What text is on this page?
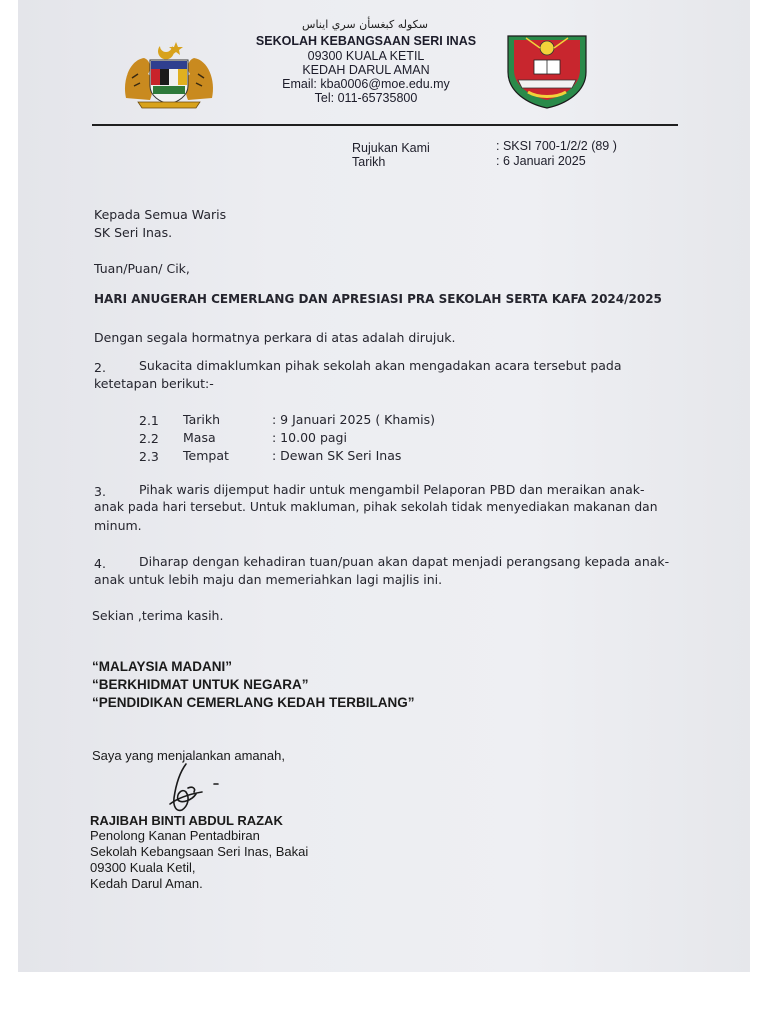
سكوله كبغسأن سري ايناس
SEKOLAH KEBANGSAAN SERI INAS
09300 KUALA KETIL
KEDAH DARUL AMAN
Email: kba0006@moe.edu.my
Tel: 011-65735800
Rujukan Kami	: SKSI 700-1/2/2 (89 )
Tarikh	: 6 Januari 2025
Kepada Semua Waris
SK Seri Inas.
Tuan/Puan/ Cik,
HARI ANUGERAH CEMERLANG DAN APRESIASI PRA SEKOLAH SERTA KAFA 2024/2025
Dengan segala hormatnya perkara di atas adalah dirujuk.
2.	Sukacita dimaklumkan pihak sekolah akan mengadakan acara tersebut pada
ketetapan berikut:-
2.1 Tarikh	: 9 Januari 2025 ( Khamis)
2.2 Masa	: 10.00 pagi
2.3 Tempat	: Dewan SK Seri Inas
3.	Pihak waris dijemput hadir untuk mengambil Pelaporan PBD dan meraikan anak-
anak pada hari tersebut. Untuk makluman, pihak sekolah tidak menyediakan makanan dan
minum.
4.	Diharap dengan kehadiran tuan/puan akan dapat menjadi perangsang kepada anak-
anak untuk lebih maju dan memeriahkan lagi majlis ini.
Sekian ,terima kasih.
“MALAYSIA MADANI”
“BERKHIDMAT UNTUK NEGARA”
“PENDIDIKAN CEMERLANG KEDAH TERBILANG”
Saya yang menjalankan amanah,
RAJIBAH BINTI ABDUL RAZAK
Penolong Kanan Pentadbiran
Sekolah Kebangsaan Seri Inas, Bakai
09300 Kuala Ketil,
Kedah Darul Aman.
